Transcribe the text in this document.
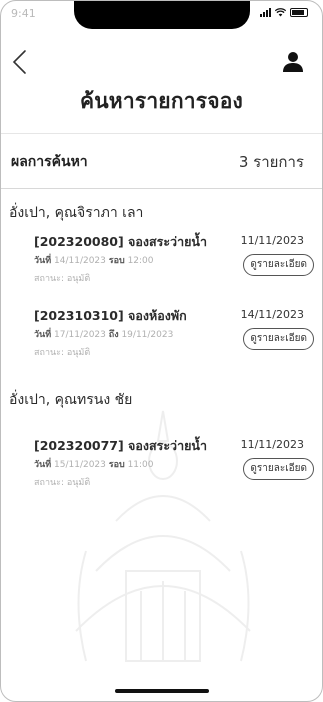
9:41
ค้นหารายการจอง
ผลการค้นหา	3 รายการ
อั่งเปา, คุณจิราภา เลา
[202320080] จองสระว่ายน้ำ	11/11/2023
วันที่ 14/11/2023 รอบ 12:00
สถานะ: อนุมัติ
ดูรายละเอียด
[202310310] จองห้องพัก	14/11/2023
วันที่ 17/11/2023 ถึง 19/11/2023
สถานะ: อนุมัติ
ดูรายละเอียด
อั่งเปา, คุณทรนง ชัย
[202320077] จองสระว่ายน้ำ	11/11/2023
วันที่ 15/11/2023 รอบ 11:00
สถานะ: อนุมัติ
ดูรายละเอียด
